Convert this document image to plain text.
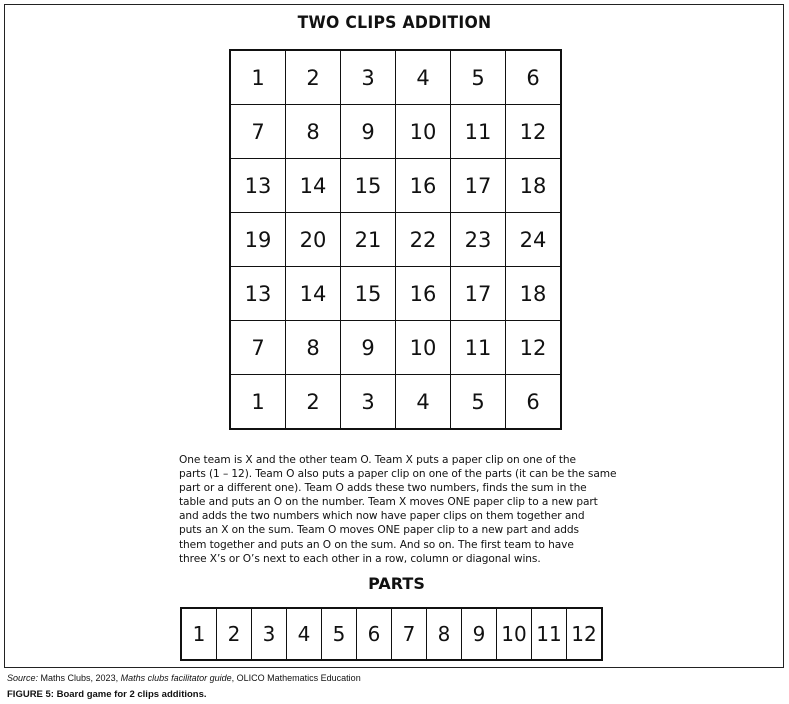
TWO CLIPS ADDITION
1	2	3	4	5	6
7	8	9	10	11	12
13	14	15	16	17	18
19	20	21	22	23	24
13	14	15	16	17	18
7	8	9	10	11	12
1	2	3	4	5	6
One team is X and the other team O. Team X puts a paper clip on one of the
parts (1 – 12). Team O also puts a paper clip on one of the parts (it can be the same
part or a different one). Team O adds these two numbers, finds the sum in the
table and puts an O on the number. Team X moves ONE paper clip to a new part
and adds the two numbers which now have paper clips on them together and
puts an X on the sum. Team O moves ONE paper clip to a new part and adds
them together and puts an O on the sum. And so on. The first team to have
three X’s or O’s next to each other in a row, column or diagonal wins.
PARTS
1	2	3	4	5	6	7	8	9	10	11	12
Source: Maths Clubs, 2023, Maths clubs facilitator guide, OLICO Mathematics Education
FIGURE 5: Board game for 2 clips additions.
